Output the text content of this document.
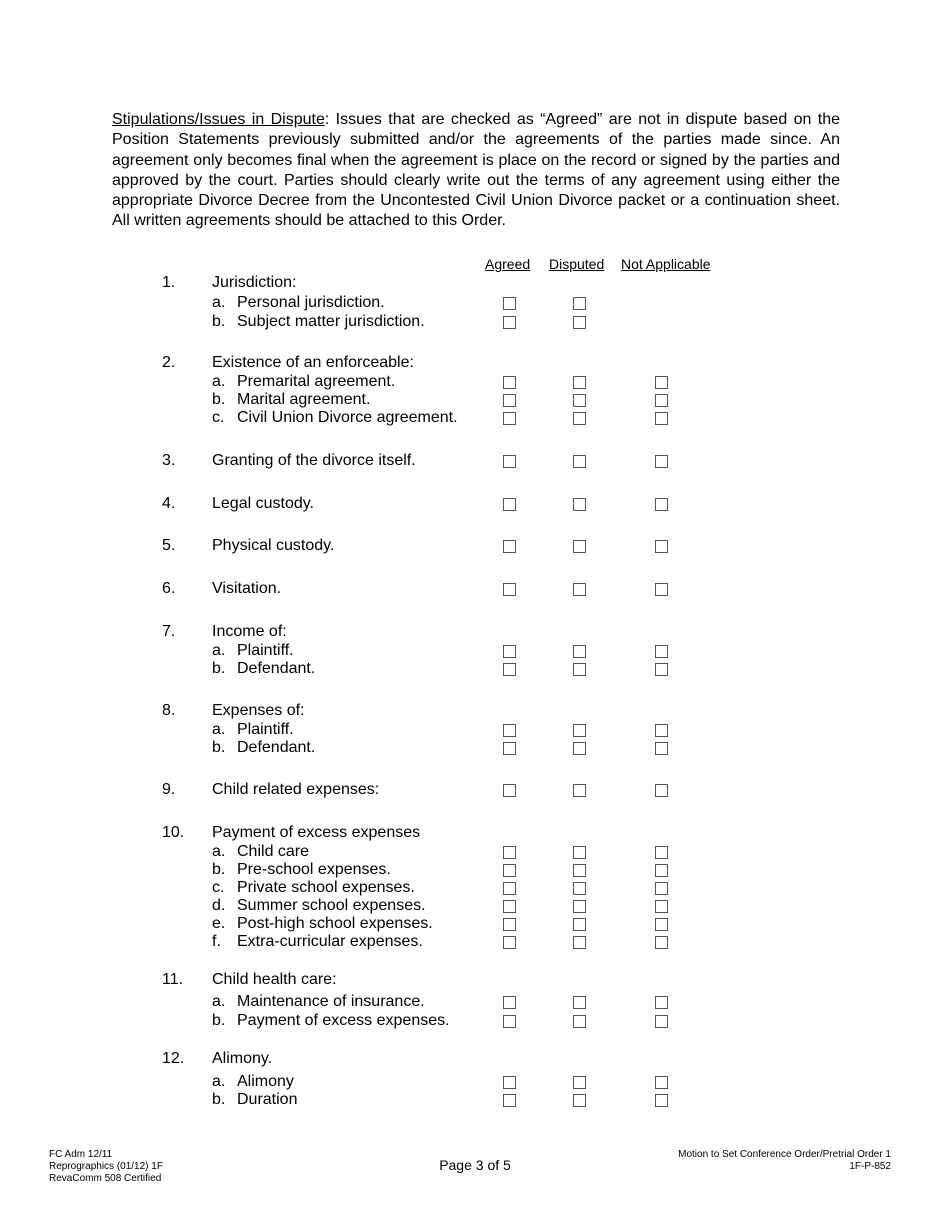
Stipulations/Issues in Dispute: Issues that are checked as “Agreed” are not in dispute based on the Position Statements previously submitted and/or the agreements of the parties made since. An agreement only becomes final when the agreement is place on the record or signed by the parties and approved by the court. Parties should clearly write out the terms of any agreement using either the appropriate Divorce Decree from the Uncontested Civil Union Divorce packet or a continuation sheet. All written agreements should be attached to this Order.
Agreed Disputed Not Applicable
1. Jurisdiction:
a. Personal jurisdiction.
b. Subject matter jurisdiction.
2. Existence of an enforceable:
a. Premarital agreement.
b. Marital agreement.
c. Civil Union Divorce agreement.
3. Granting of the divorce itself.
4. Legal custody.
5. Physical custody.
6. Visitation.
7. Income of:
a. Plaintiff.
b. Defendant.
8. Expenses of:
a. Plaintiff.
b. Defendant.
9. Child related expenses:
10. Payment of excess expenses
a. Child care
b. Pre-school expenses.
c. Private school expenses.
d. Summer school expenses.
e. Post-high school expenses.
f. Extra-curricular expenses.
11. Child health care:
a. Maintenance of insurance.
b. Payment of excess expenses.
12. Alimony.
a. Alimony
b. Duration
FC Adm 12/11
Reprographics (01/12) 1F
RevaComm 508 Certified
Page 3 of 5
Motion to Set Conference Order/Pretrial Order 1
1F-P-852
